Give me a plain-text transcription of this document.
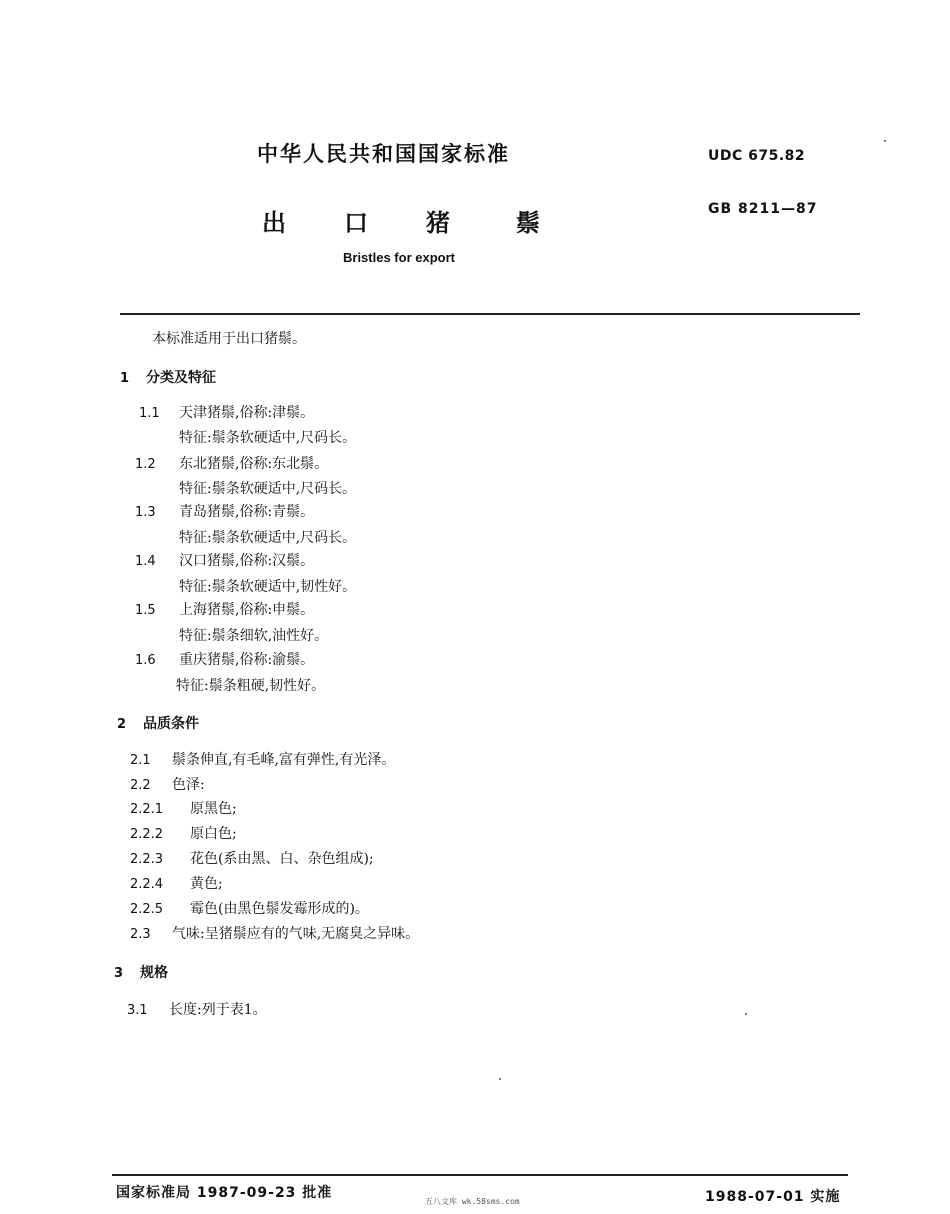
中华人民共和国国家标准	UDC 675.82
出	口	猪	鬃	GB 8211—87
Bristles for export
本标准适用于出口猪鬃。
1 分类及特征
1.1 天津猪鬃,俗称:津鬃。
特征:鬃条软硬适中,尺码长。
1.2 东北猪鬃,俗称:东北鬃。
特征:鬃条软硬适中,尺码长。
1.3 青岛猪鬃,俗称:青鬃。
特征:鬃条软硬适中,尺码长。
1.4 汉口猪鬃,俗称:汉鬃。
特征:鬃条软硬适中,韧性好。
1.5 上海猪鬃,俗称:申鬃。
特征:鬃条细软,油性好。
1.6 重庆猪鬃,俗称:渝鬃。
特征:鬃条粗硬,韧性好。
2 品质条件
2.1 鬃条伸直,有毛峰,富有弹性,有光泽。
2.2 色泽:
2.2.1 原黑色;
2.2.2 原白色;
2.2.3 花色(系由黑、白、杂色组成);
2.2.4 黄色;
2.2.5 霉色(由黑色鬃发霉形成的)。
2.3 气味:呈猪鬃应有的气味,无腐臭之异味。
3 规格
3.1 长度:列于表1。
国家标准局 1987-09-23 批准
五八文库 wk.58sms.com	1988-07-01 实施
